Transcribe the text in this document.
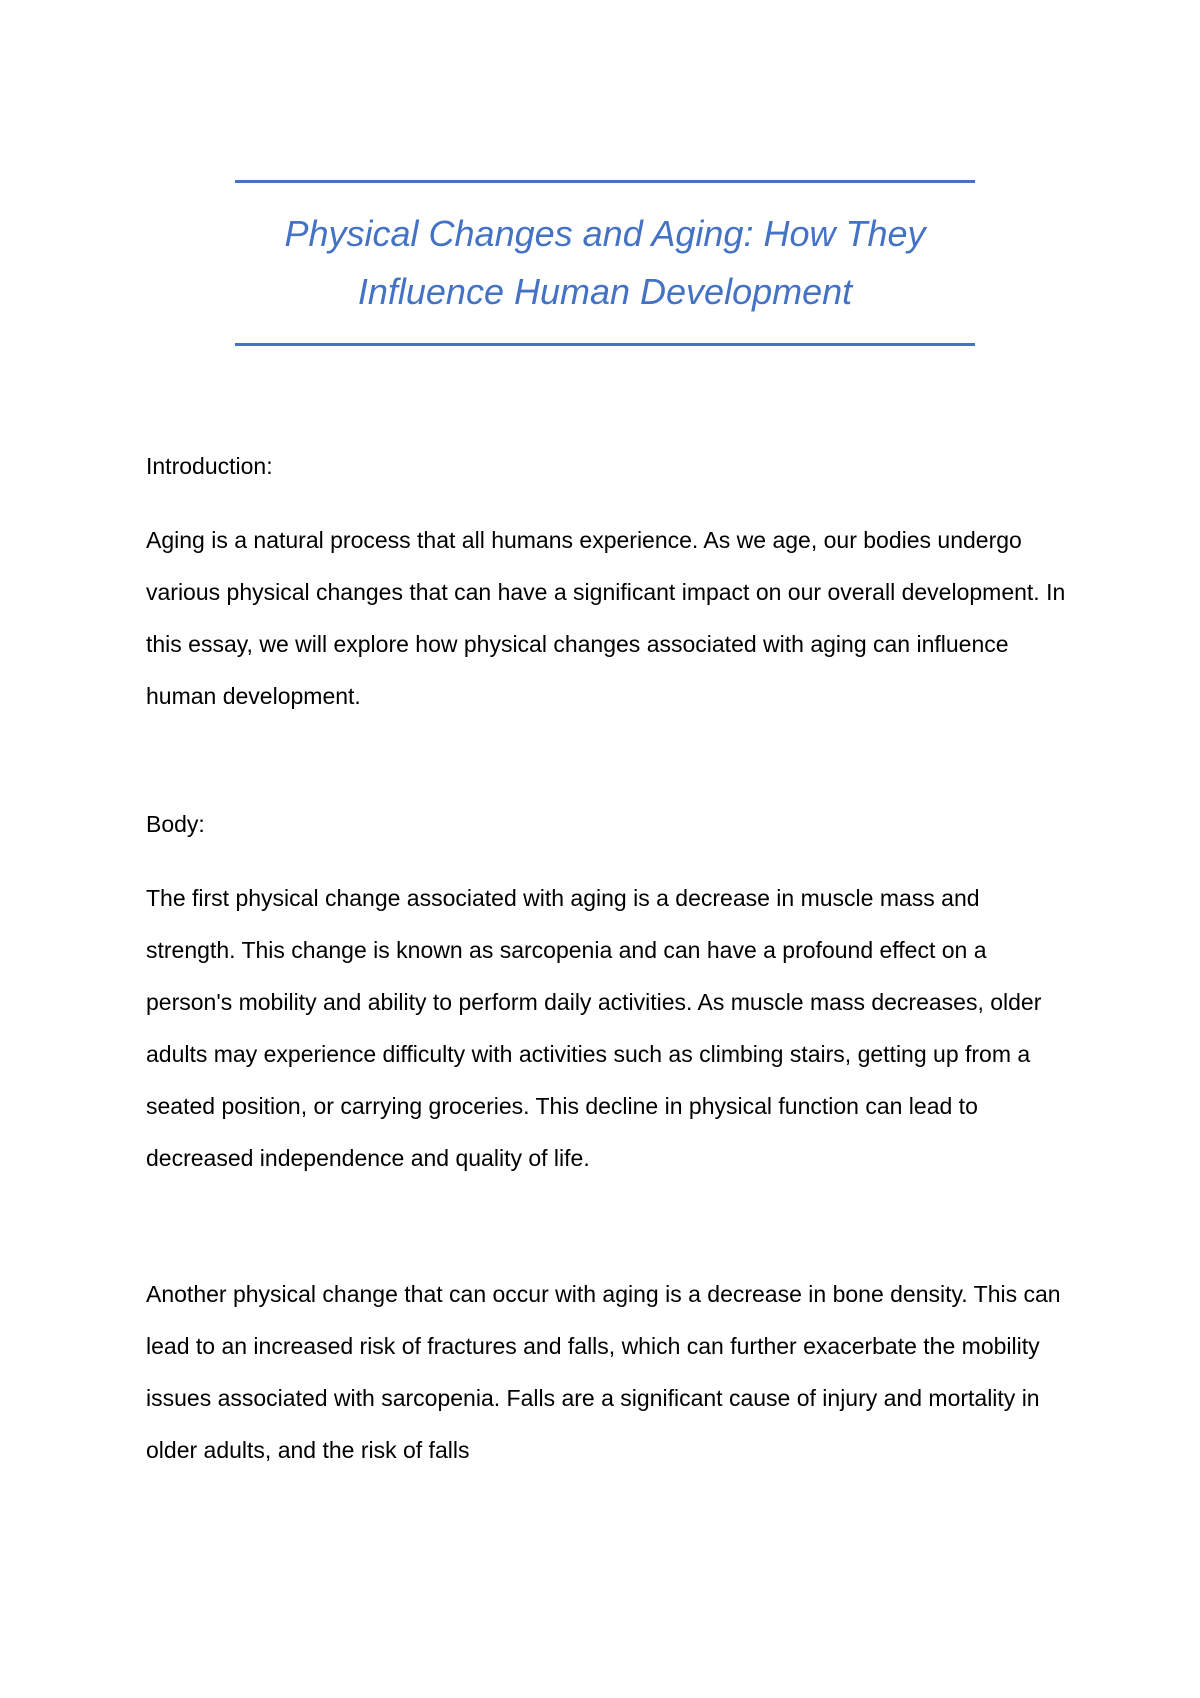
Physical Changes and Aging: How They Influence Human Development

Introduction:

Aging is a natural process that all humans experience. As we age, our bodies undergo various physical changes that can have a significant impact on our overall development. In this essay, we will explore how physical changes associated with aging can influence human development.

Body:

The first physical change associated with aging is a decrease in muscle mass and strength. This change is known as sarcopenia and can have a profound effect on a person's mobility and ability to perform daily activities. As muscle mass decreases, older adults may experience difficulty with activities such as climbing stairs, getting up from a seated position, or carrying groceries. This decline in physical function can lead to decreased independence and quality of life.

Another physical change that can occur with aging is a decrease in bone density. This can lead to an increased risk of fractures and falls, which can further exacerbate the mobility issues associated with sarcopenia. Falls are a significant cause of injury and mortality in older adults, and the risk of falls
